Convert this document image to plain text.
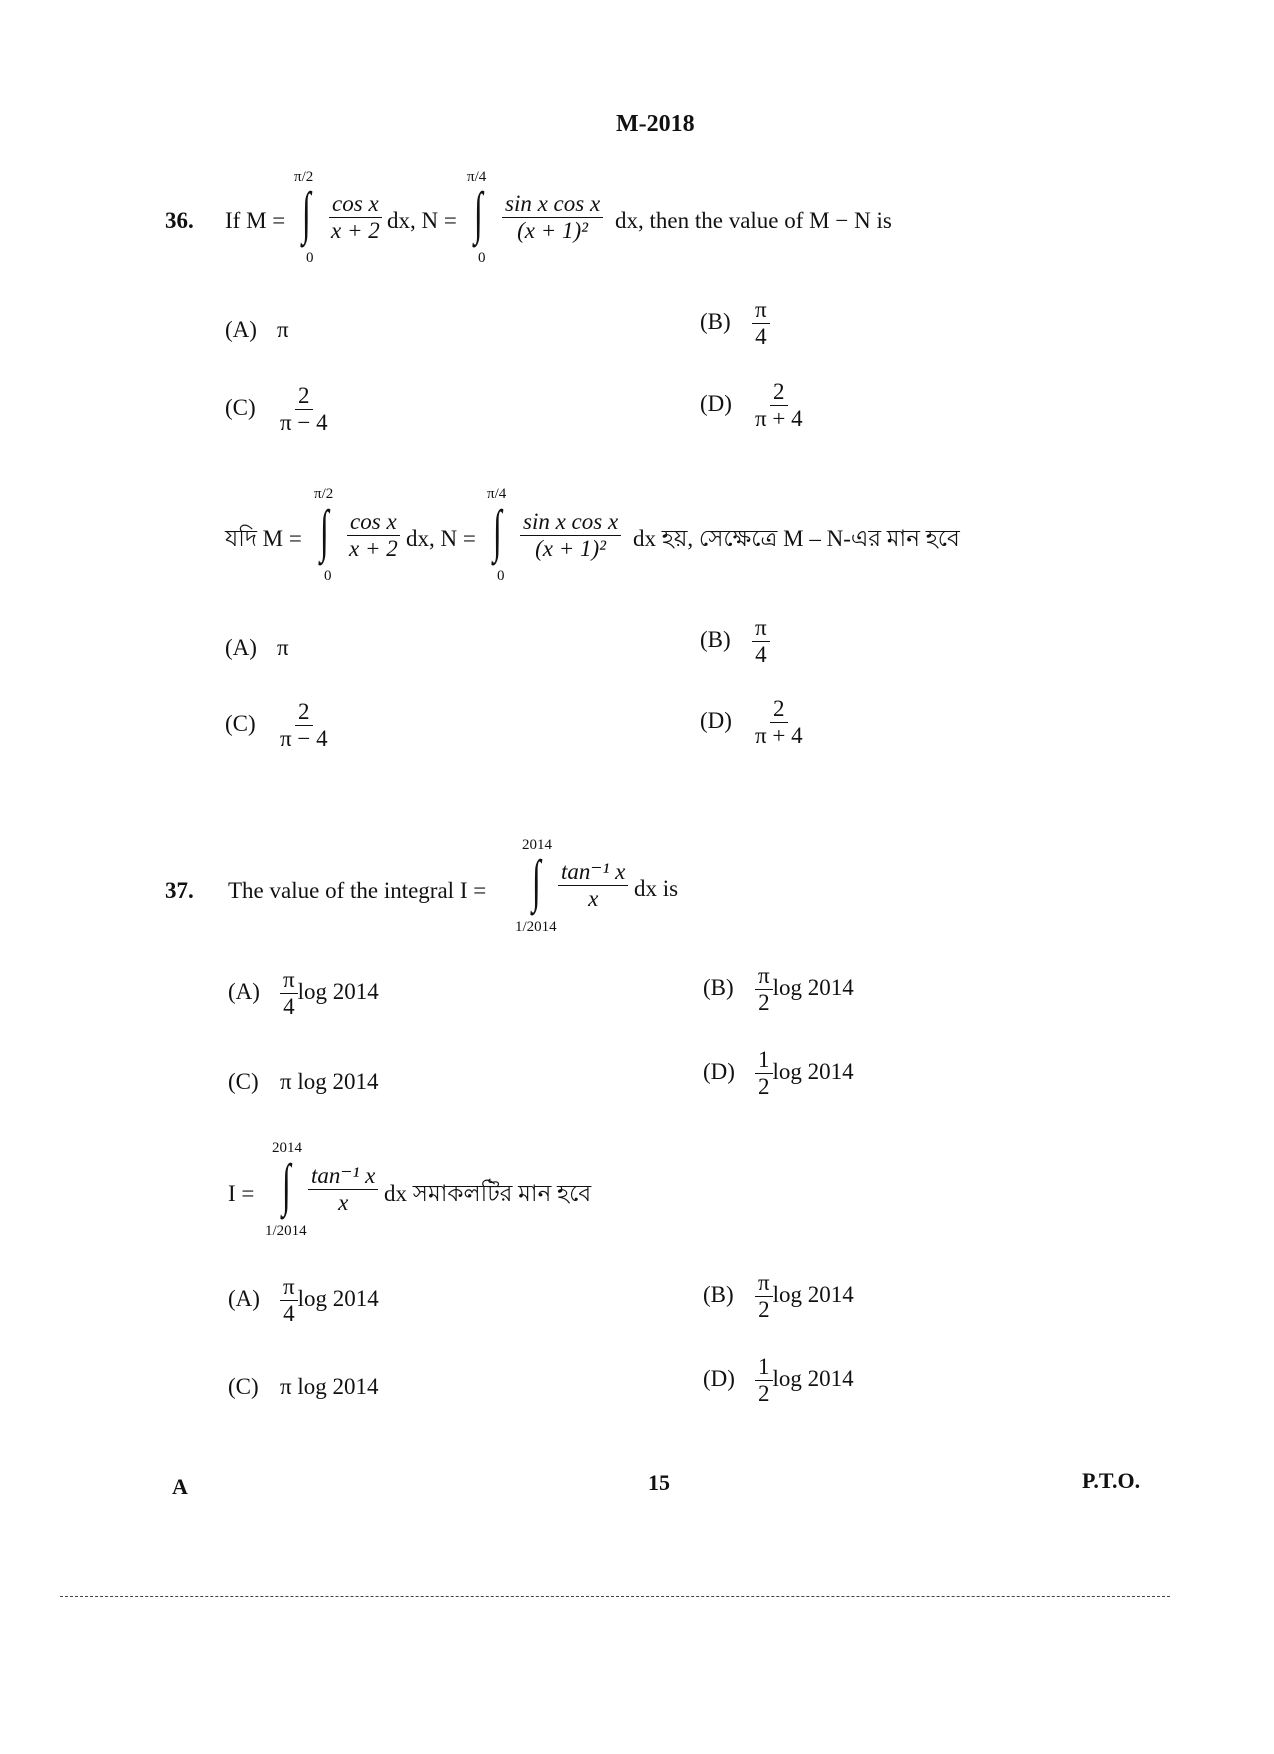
M-2018
36. If M =
π/2
∫
0
$\frac{\text{cos x}}{x + 2}$ dx, N =
π/4
∫
0
$\frac{\text{sin x cos x}}{\text{(x + 1)²}}$ dx, then the value of M − N is
(A) π	$(B) \frac{\pi}{4}$
$(C) \frac{2}{\pi - 4}$	$(D) \frac{2}{\pi + 4}$
যদি M =
π/2
∫
0
$\frac{\text{cos x}}{x + 2}$ dx, N =
π/4
∫
0
$\frac{\text{sin x cos x}}{\text{(x + 1)²}}$ dx হয়, সেক্ষেত্রে M – N-এর মান হবে
(A) π	$(B) \frac{\pi}{4}$
$(C) \frac{2}{\pi - 4}$	$(D) \frac{2}{\pi + 4}$
37. The value of the integral I =
2014
∫
1/2014
$\frac{\text{tan⁻¹ x}}{x}$ dx is
$(A) \frac{\pi}{4}$ log 2014	$(B) \frac{\pi}{2}$ log 2014
(C) π log 2014	$(D) \frac{1}{2}$ log 2014
I =
2014
∫
1/2014
$\frac{\text{tan⁻¹ x}}{x}$ dx সমাকলটির মান হবে
$(A) \frac{\pi}{4}$ log 2014	$(B) \frac{\pi}{2}$ log 2014
(C) π log 2014	$(D) \frac{1}{2}$ log 2014
A	15	P.T.O.
